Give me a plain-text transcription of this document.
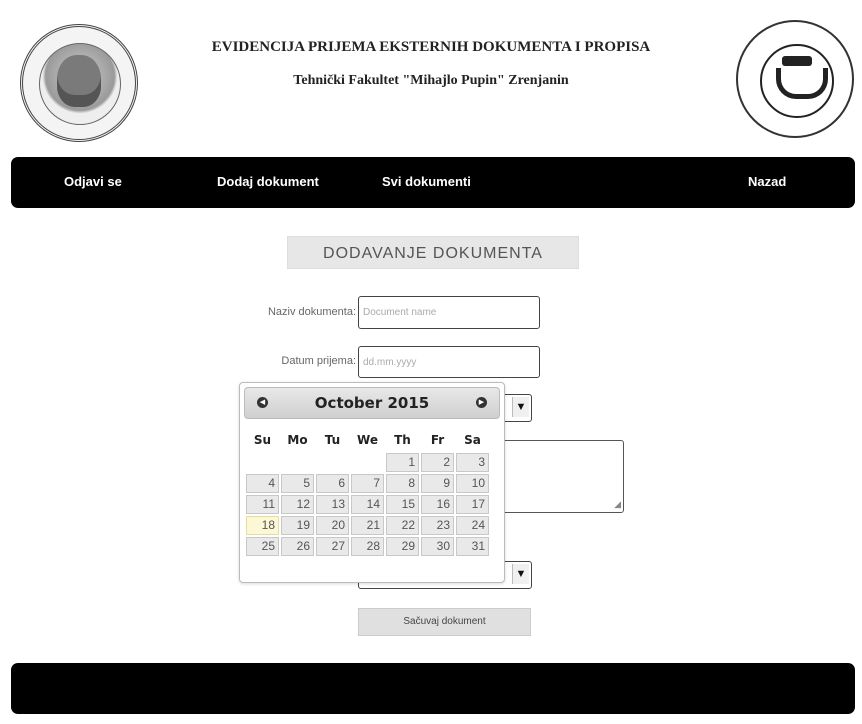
EVIDENCIJA PRIJEMA EKSTERNIH DOKUMENTA I PROPISA
Tehnički Fakultet "Mihajlo Pupin" Zrenjanin
Odjavi se	Dodaj dokument	Svi dokumenti	Nazad
DODAVANJE DOKUMENTA
Naziv dokumenta:
Document name
Datum prijema:
dd.mm.yyyy
▼
◢
▼
Sačuvaj dokument
◀	October 2015	▶
Su	Mo	Tu	We	Th	Fr	Sa

				1	2	3

4	5	6	7	8	9	10

11	12	13	14	15	16	17

18	19	20	21	22	23	24

25	26	27	28	29	30	31
